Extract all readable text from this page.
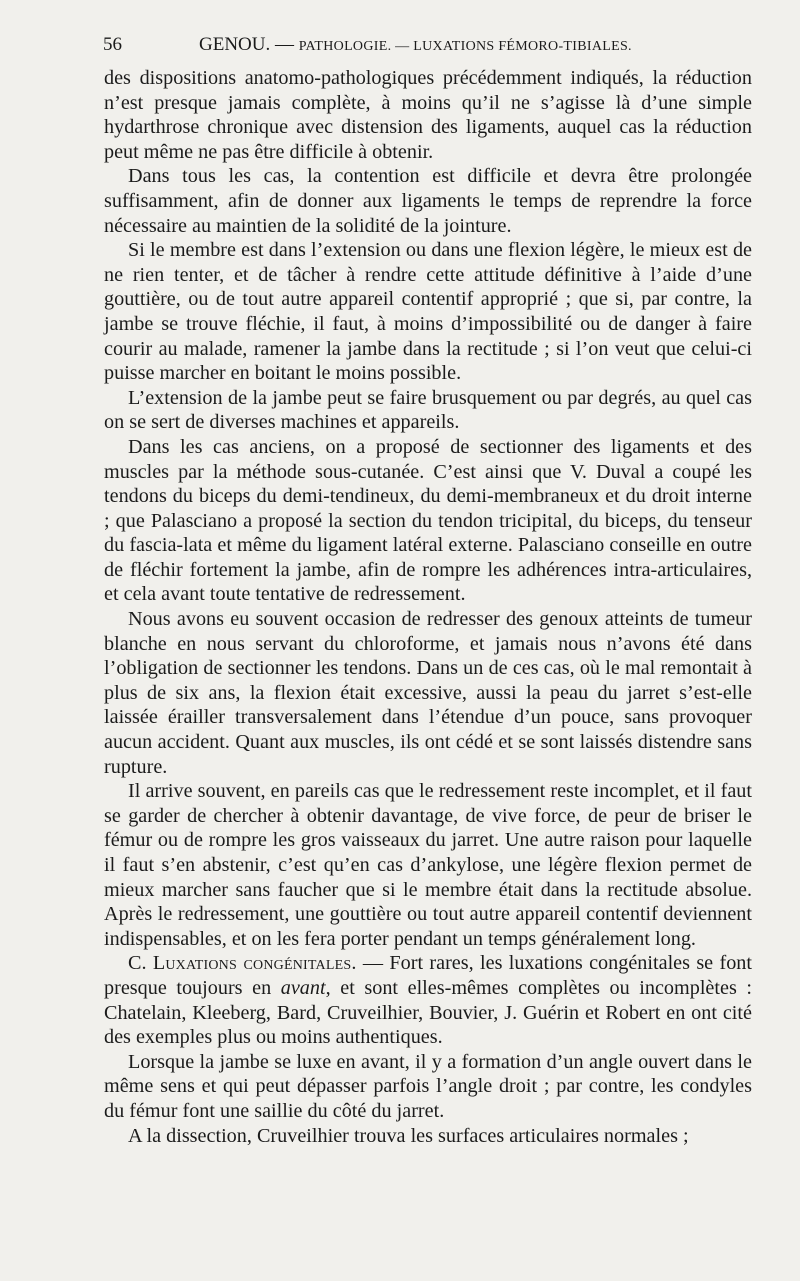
56	GENOU. — PATHOLOGIE. — LUXATIONS FÉMORO-TIBIALES.

des dispositions anatomo-pathologiques précédemment indiqués, la réduction n’est presque jamais complète, à moins qu’il ne s’agisse là d’une simple hydarthrose chronique avec distension des ligaments, auquel cas la réduction peut même ne pas être difficile à obtenir.

Dans tous les cas, la contention est difficile et devra être prolongée suffisamment, afin de donner aux ligaments le temps de reprendre la force nécessaire au maintien de la solidité de la jointure.

Si le membre est dans l’extension ou dans une flexion légère, le mieux est de ne rien tenter, et de tâcher à rendre cette attitude définitive à l’aide d’une gouttière, ou de tout autre appareil contentif approprié ; que si, par contre, la jambe se trouve fléchie, il faut, à moins d’impossibilité ou de danger à faire courir au malade, ramener la jambe dans la rectitude ; si l’on veut que celui-ci puisse marcher en boitant le moins possible.

L’extension de la jambe peut se faire brusquement ou par degrés, au quel cas on se sert de diverses machines et appareils.

Dans les cas anciens, on a proposé de sectionner des ligaments et des muscles par la méthode sous-cutanée. C’est ainsi que V. Duval a coupé les tendons du biceps du demi-tendineux, du demi-membraneux et du droit interne ; que Palasciano a proposé la section du tendon tricipital, du biceps, du tenseur du fascia-lata et même du ligament latéral externe. Palasciano conseille en outre de fléchir fortement la jambe, afin de rompre les adhérences intra-articulaires, et cela avant toute tentative de redressement.

Nous avons eu souvent occasion de redresser des genoux atteints de tumeur blanche en nous servant du chloroforme, et jamais nous n’avons été dans l’obligation de sectionner les tendons. Dans un de ces cas, où le mal remontait à plus de six ans, la flexion était excessive, aussi la peau du jarret s’est-elle laissée érailler transversalement dans l’étendue d’un pouce, sans provoquer aucun accident. Quant aux muscles, ils ont cédé et se sont laissés distendre sans rupture.

Il arrive souvent, en pareils cas que le redressement reste incomplet, et il faut se garder de chercher à obtenir davantage, de vive force, de peur de briser le fémur ou de rompre les gros vaisseaux du jarret. Une autre raison pour laquelle il faut s’en abstenir, c’est qu’en cas d’ankylose, une légère flexion permet de mieux marcher sans faucher que si le membre était dans la rectitude absolue. Après le redressement, une gouttière ou tout autre appareil contentif deviennent indispensables, et on les fera porter pendant un temps généralement long.

C. Luxations congénitales. — Fort rares, les luxations congénitales se font presque toujours en avant, et sont elles-mêmes complètes ou incomplètes : Chatelain, Kleeberg, Bard, Cruveilhier, Bouvier, J. Guérin et Robert en ont cité des exemples plus ou moins authentiques.

Lorsque la jambe se luxe en avant, il y a formation d’un angle ouvert dans le même sens et qui peut dépasser parfois l’angle droit ; par contre, les condyles du fémur font une saillie du côté du jarret.

A la dissection, Cruveilhier trouva les surfaces articulaires normales ;
